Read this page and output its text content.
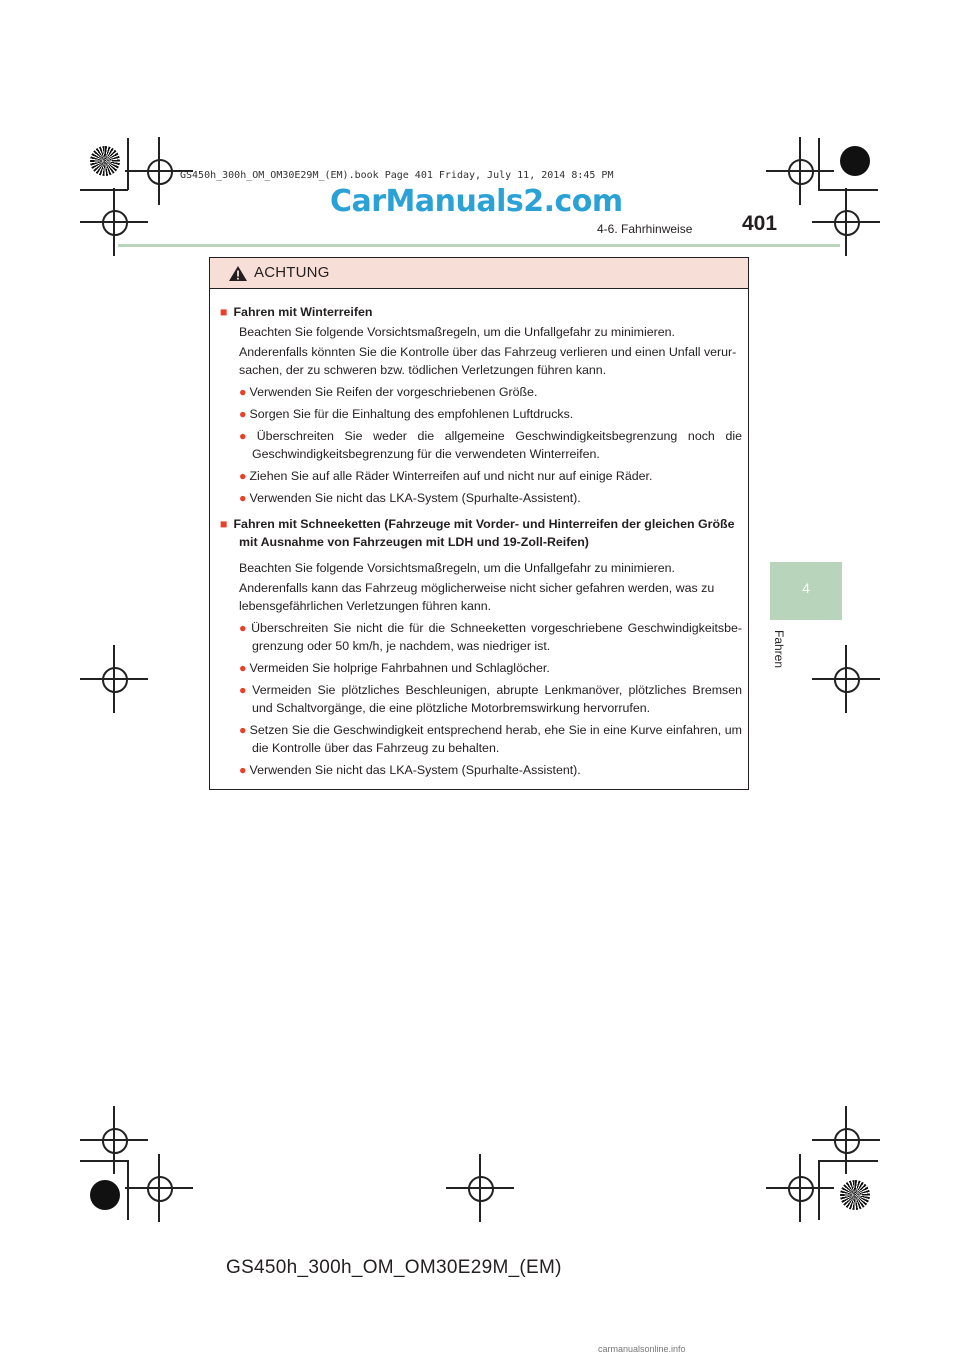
GS450h_300h_OM_OM30E29M_(EM).book Page 401 Friday, July 11, 2014 8:45 PM
CarManuals2.com
4-6. Fahrhinweise 401
4
Fahren
ACHTUNG
■ Fahren mit Winterreifen
Beachten Sie folgende Vorsichtsmaßregeln, um die Unfallgefahr zu minimieren.
Anderenfalls könnten Sie die Kontrolle über das Fahrzeug verlieren und einen Unfall verur-sachen, der zu schweren bzw. tödlichen Verletzungen führen kann.
● Verwenden Sie Reifen der vorgeschriebenen Größe.
● Sorgen Sie für die Einhaltung des empfohlenen Luftdrucks.
● Überschreiten Sie weder die allgemeine Geschwindigkeitsbegrenzung noch die Geschwindigkeitsbegrenzung für die verwendeten Winterreifen.
● Ziehen Sie auf alle Räder Winterreifen auf und nicht nur auf einige Räder.
● Verwenden Sie nicht das LKA-System (Spurhalte-Assistent).
■ Fahren mit Schneeketten (Fahrzeuge mit Vorder- und Hinterreifen der gleichen Größe mit Ausnahme von Fahrzeugen mit LDH und 19-Zoll-Reifen)
Beachten Sie folgende Vorsichtsmaßregeln, um die Unfallgefahr zu minimieren.
Anderenfalls kann das Fahrzeug möglicherweise nicht sicher gefahren werden, was zu lebensgefährlichen Verletzungen führen kann.
● Überschreiten Sie nicht die für die Schneeketten vorgeschriebene Geschwindigkeitsbe-grenzung oder 50 km/h, je nachdem, was niedriger ist.
● Vermeiden Sie holprige Fahrbahnen und Schlaglöcher.
● Vermeiden Sie plötzliches Beschleunigen, abrupte Lenkmanöver, plötzliches Bremsen und Schaltvorgänge, die eine plötzliche Motorbremswirkung hervorrufen.
● Setzen Sie die Geschwindigkeit entsprechend herab, ehe Sie in eine Kurve einfahren, um die Kontrolle über das Fahrzeug zu behalten.
● Verwenden Sie nicht das LKA-System (Spurhalte-Assistent).
GS450h_300h_OM_OM30E29M_(EM)
carmanualsonline.info
